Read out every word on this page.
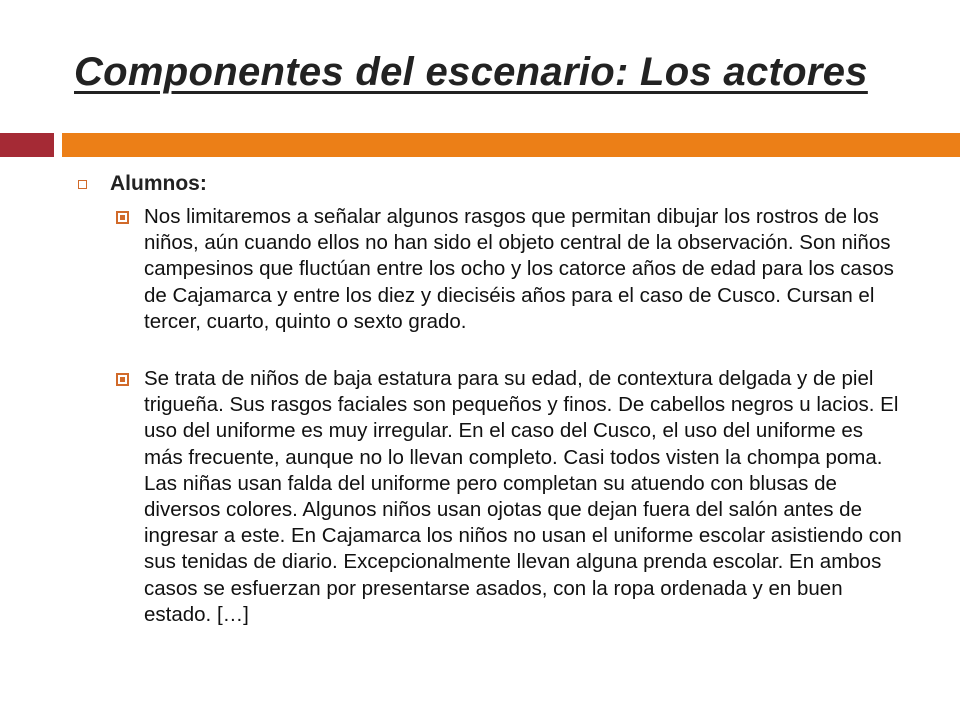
Componentes del escenario: Los actores
Alumnos:

Nos limitaremos a señalar algunos rasgos que permitan dibujar los rostros de los niños, aún cuando ellos no han sido el objeto central de la observación. Son niños campesinos que fluctúan entre los ocho y los catorce años de edad para los casos de Cajamarca y entre los diez y dieciséis años para el caso de Cusco. Cursan el tercer, cuarto, quinto o sexto grado.

Se trata de niños de baja estatura para su edad, de contextura delgada y de piel trigueña. Sus rasgos faciales son pequeños y finos. De cabellos negros u lacios. El uso del uniforme es muy irregular. En el caso del Cusco, el uso del uniforme es más frecuente, aunque no lo llevan completo. Casi todos visten la chompa poma. Las niñas usan falda del uniforme pero completan su atuendo con blusas de diversos colores. Algunos niños usan ojotas que dejan fuera del salón antes de ingresar a este. En Cajamarca los niños no usan el uniforme escolar asistiendo con sus tenidas de diario. Excepcionalmente llevan alguna prenda escolar. En ambos casos se esfuerzan por presentarse asados, con la ropa ordenada y en buen estado. […]
